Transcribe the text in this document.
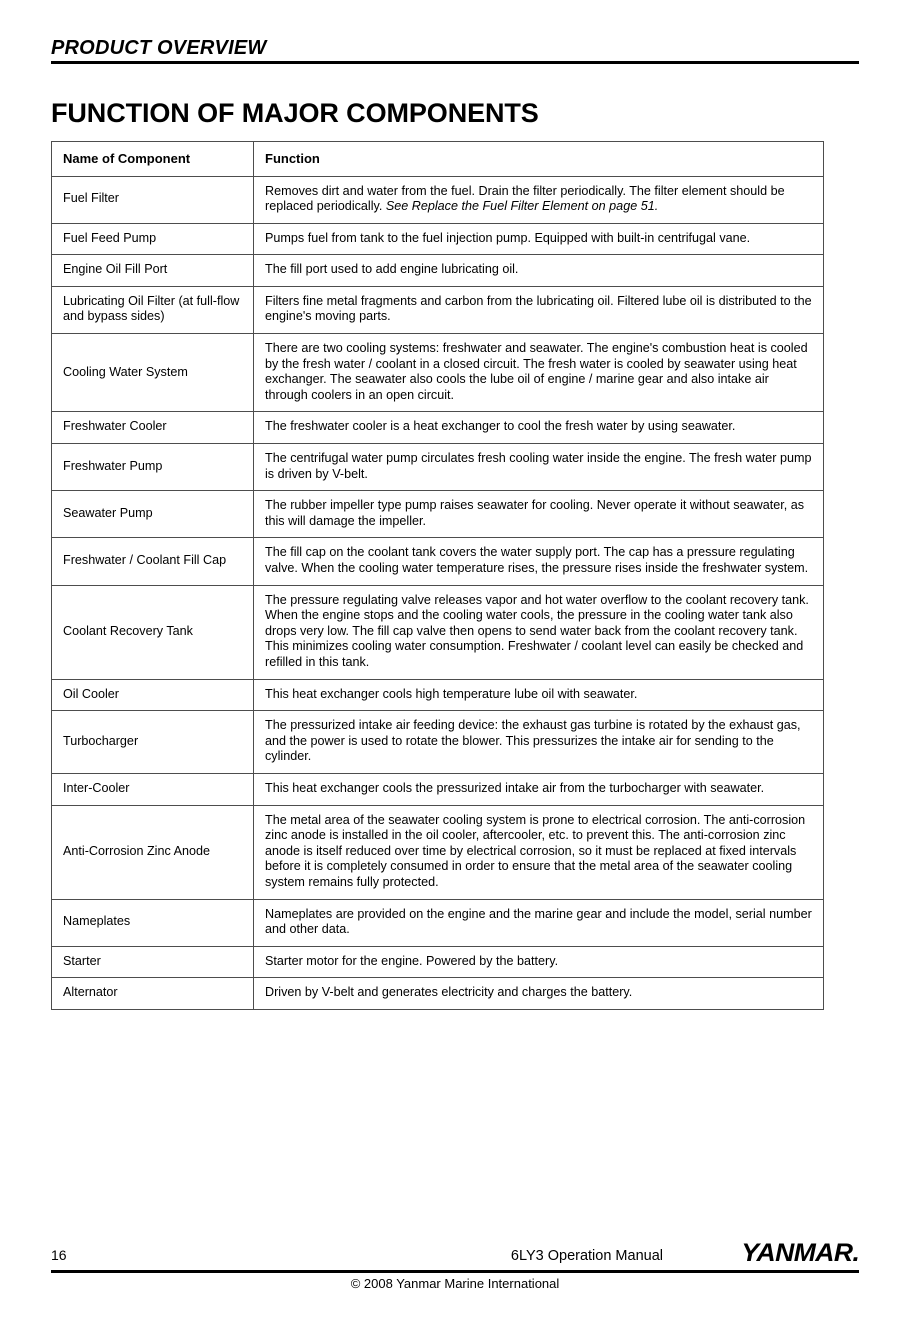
PRODUCT OVERVIEW
FUNCTION OF MAJOR COMPONENTS
Name of Component	Function
Fuel Filter	Removes dirt and water from the fuel. Drain the filter periodically. The filter element should be replaced periodically. See Replace the Fuel Filter Element on page 51.
Fuel Feed Pump	Pumps fuel from tank to the fuel injection pump. Equipped with built-in centrifugal vane.
Engine Oil Fill Port	The fill port used to add engine lubricating oil.
Lubricating Oil Filter (at full-flow and bypass sides)	Filters fine metal fragments and carbon from the lubricating oil. Filtered lube oil is distributed to the engine's moving parts.
Cooling Water System	There are two cooling systems: freshwater and seawater. The engine's combustion heat is cooled by the fresh water / coolant in a closed circuit. The fresh water is cooled by seawater using heat exchanger. The seawater also cools the lube oil of engine / marine gear and also intake air through coolers in an open circuit.
Freshwater Cooler	The freshwater cooler is a heat exchanger to cool the fresh water by using seawater.
Freshwater Pump	The centrifugal water pump circulates fresh cooling water inside the engine. The fresh water pump is driven by V-belt.
Seawater Pump	The rubber impeller type pump raises seawater for cooling. Never operate it without seawater, as this will damage the impeller.
Freshwater / Coolant Fill Cap	The fill cap on the coolant tank covers the water supply port. The cap has a pressure regulating valve. When the cooling water temperature rises, the pressure rises inside the freshwater system.
Coolant Recovery Tank	The pressure regulating valve releases vapor and hot water overflow to the coolant recovery tank. When the engine stops and the cooling water cools, the pressure in the cooling water tank also drops very low. The fill cap valve then opens to send water back from the coolant recovery tank. This minimizes cooling water consumption. Freshwater / coolant level can easily be checked and refilled in this tank.
Oil Cooler	This heat exchanger cools high temperature lube oil with seawater.
Turbocharger	The pressurized intake air feeding device: the exhaust gas turbine is rotated by the exhaust gas, and the power is used to rotate the blower. This pressurizes the intake air for sending to the cylinder.
Inter-Cooler	This heat exchanger cools the pressurized intake air from the turbocharger with seawater.
Anti-Corrosion Zinc Anode	The metal area of the seawater cooling system is prone to electrical corrosion. The anti-corrosion zinc anode is installed in the oil cooler, aftercooler, etc. to prevent this. The anti-corrosion zinc anode is itself reduced over time by electrical corrosion, so it must be replaced at fixed intervals before it is completely consumed in order to ensure that the metal area of the seawater cooling system remains fully protected.
Nameplates	Nameplates are provided on the engine and the marine gear and include the model, serial number and other data.
Starter	Starter motor for the engine. Powered by the battery.
Alternator	Driven by V-belt and generates electricity and charges the battery.
16	6LY3 Operation Manual	YANMAR.
© 2008 Yanmar Marine International
